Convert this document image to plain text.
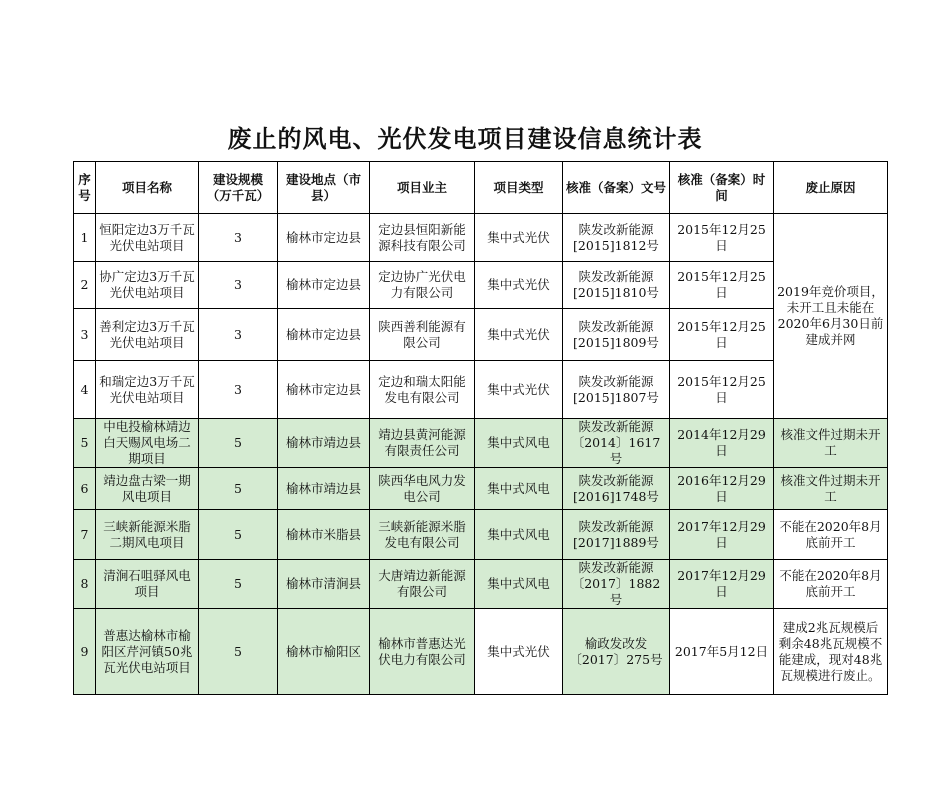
废止的风电、光伏发电项目建设信息统计表
序号	项目名称	建设规模（万千瓦）	建设地点（市县）	项目业主	项目类型	核准（备案）文号	核准（备案）时间	废止原因
1	恒阳定边3万千瓦光伏电站项目	3	榆林市定边县	定边县恒阳新能源科技有限公司	集中式光伏	陕发改新能源[2015]1812号	2015年12月25日	2019年竞价项目，未开工且未能在2020年6月30日前建成并网
2	协广定边3万千瓦光伏电站项目	3	榆林市定边县	定边协广光伏电力有限公司	集中式光伏	陕发改新能源[2015]1810号	2015年12月25日	
3	善利定边3万千瓦光伏电站项目	3	榆林市定边县	陕西善利能源有限公司	集中式光伏	陕发改新能源[2015]1809号	2015年12月25日	
4	和瑞定边3万千瓦光伏电站项目	3	榆林市定边县	定边和瑞太阳能发电有限公司	集中式光伏	陕发改新能源[2015]1807号	2015年12月25日	
5	中电投榆林靖边白天赐风电场二期项目	5	榆林市靖边县	靖边县黄河能源有限责任公司	集中式风电	陕发改新能源〔2014〕1617号	2014年12月29日	核准文件过期未开工
6	靖边盘古梁一期风电项目	5	榆林市靖边县	陕西华电风力发电公司	集中式风电	陕发改新能源[2016]1748号	2016年12月29日	核准文件过期未开工
7	三峡新能源米脂二期风电项目	5	榆林市米脂县	三峡新能源米脂发电有限公司	集中式风电	陕发改新能源[2017]1889号	2017年12月29日	不能在2020年8月底前开工
8	清涧石咀驿风电项目	5	榆林市清涧县	大唐靖边新能源有限公司	集中式风电	陕发改新能源〔2017〕1882号	2017年12月29日	不能在2020年8月底前开工
9	普惠达榆林市榆阳区芹河镇50兆瓦光伏电站项目	5	榆林市榆阳区	榆林市普惠达光伏电力有限公司	集中式光伏	榆政发改发〔2017〕275号	2017年5月12日	建成2兆瓦规模后剩余48兆瓦规模不能建成，现对48兆瓦规模进行废止。
